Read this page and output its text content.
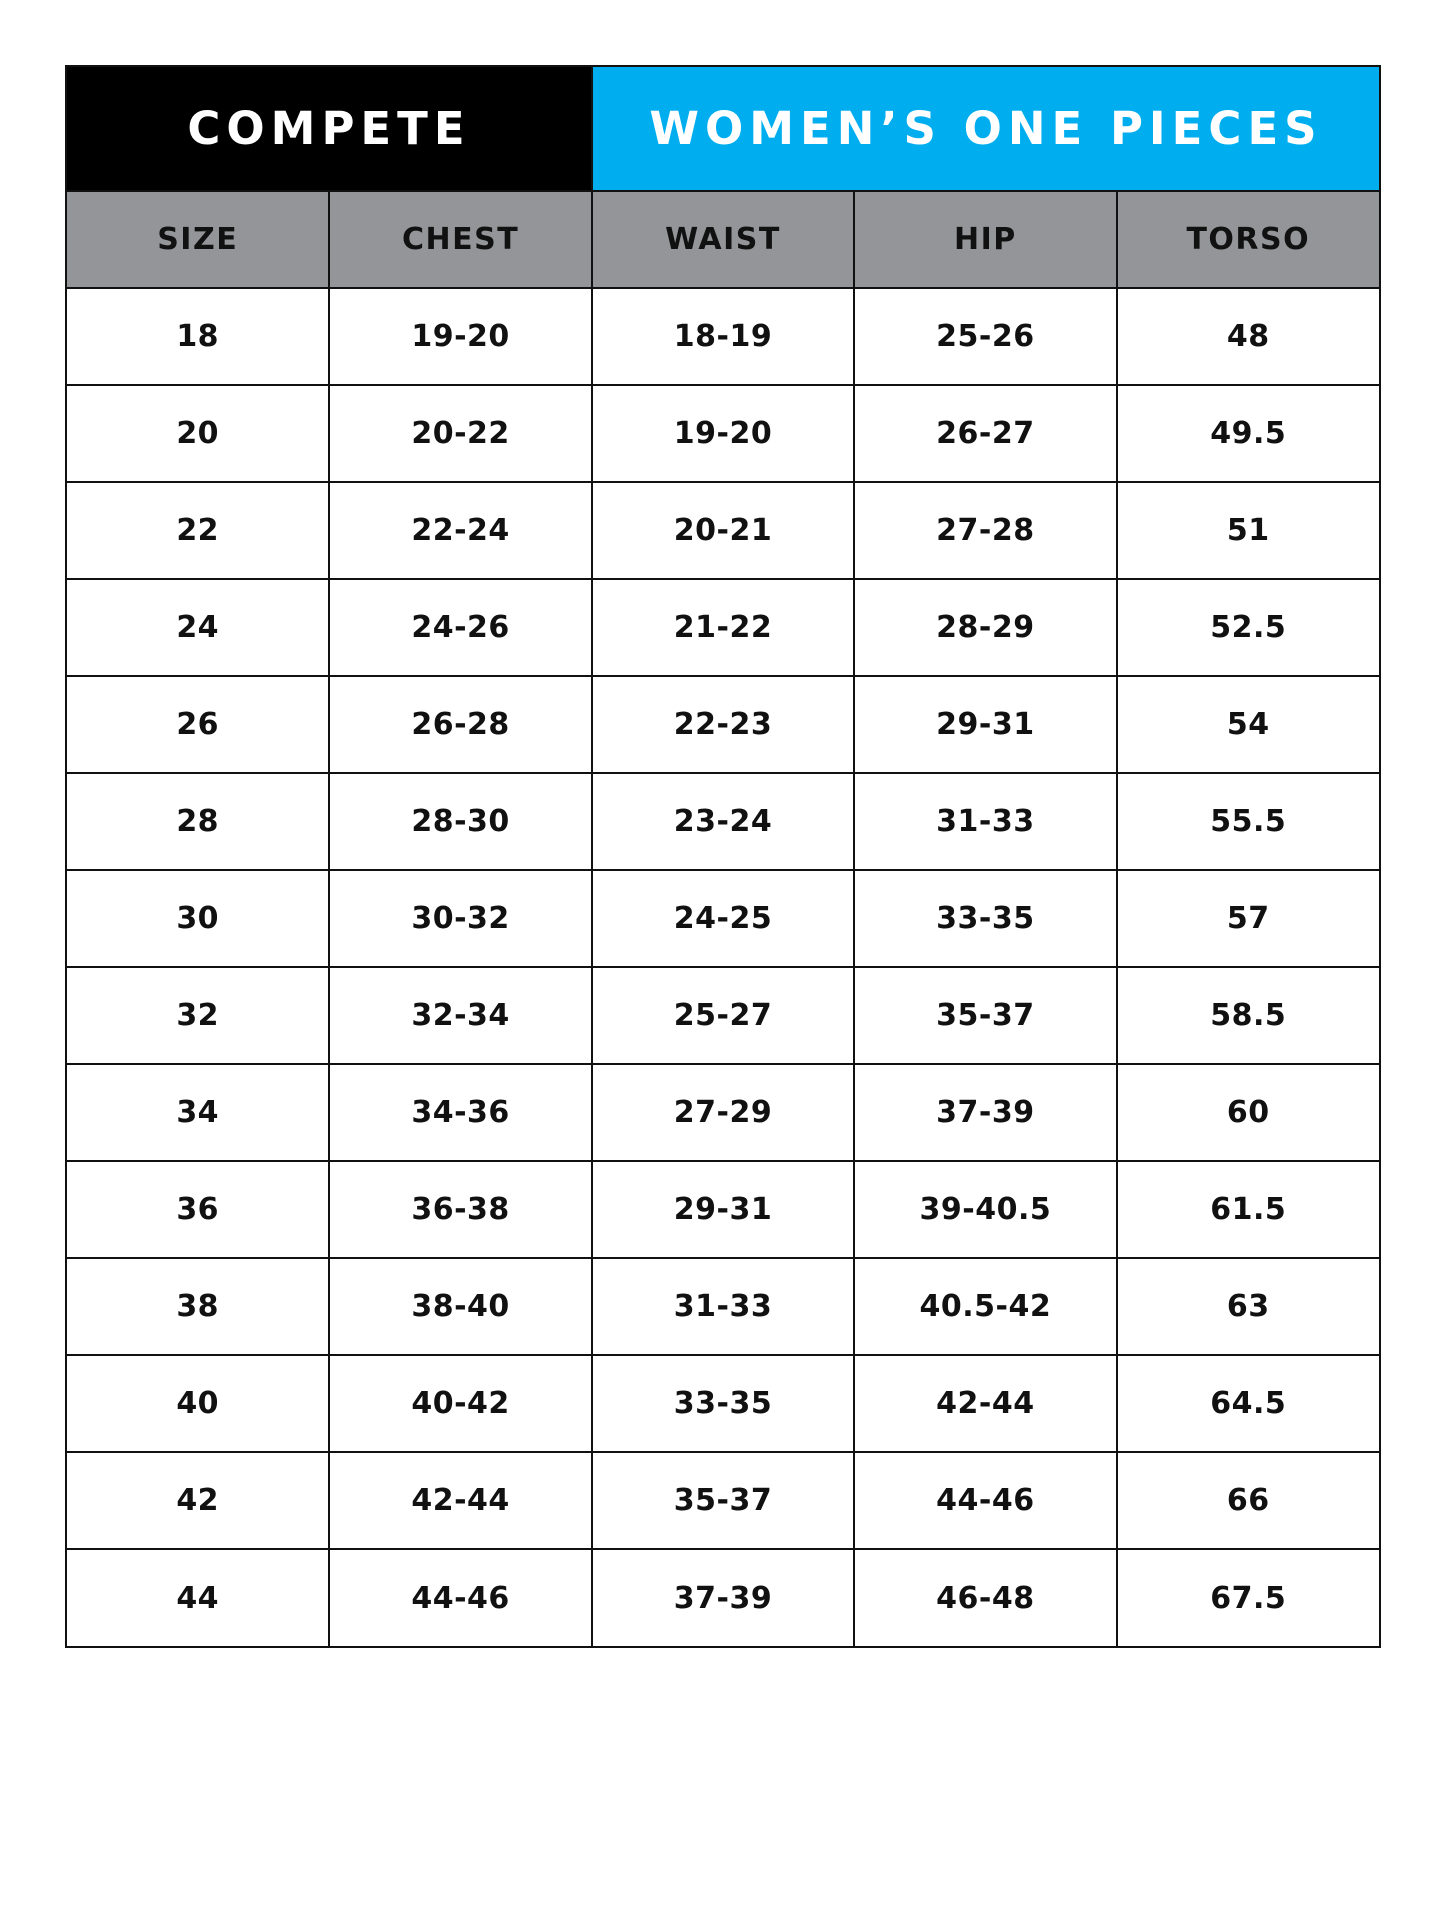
COMPETE	WOMEN’S ONE PIECES
SIZE	CHEST	WAIST	HIP	TORSO
18	19-20	18-19	25-26	48
20	20-22	19-20	26-27	49.5
22	22-24	20-21	27-28	51
24	24-26	21-22	28-29	52.5
26	26-28	22-23	29-31	54
28	28-30	23-24	31-33	55.5
30	30-32	24-25	33-35	57
32	32-34	25-27	35-37	58.5
34	34-36	27-29	37-39	60
36	36-38	29-31	39-40.5	61.5
38	38-40	31-33	40.5-42	63
40	40-42	33-35	42-44	64.5
42	42-44	35-37	44-46	66
44	44-46	37-39	46-48	67.5
